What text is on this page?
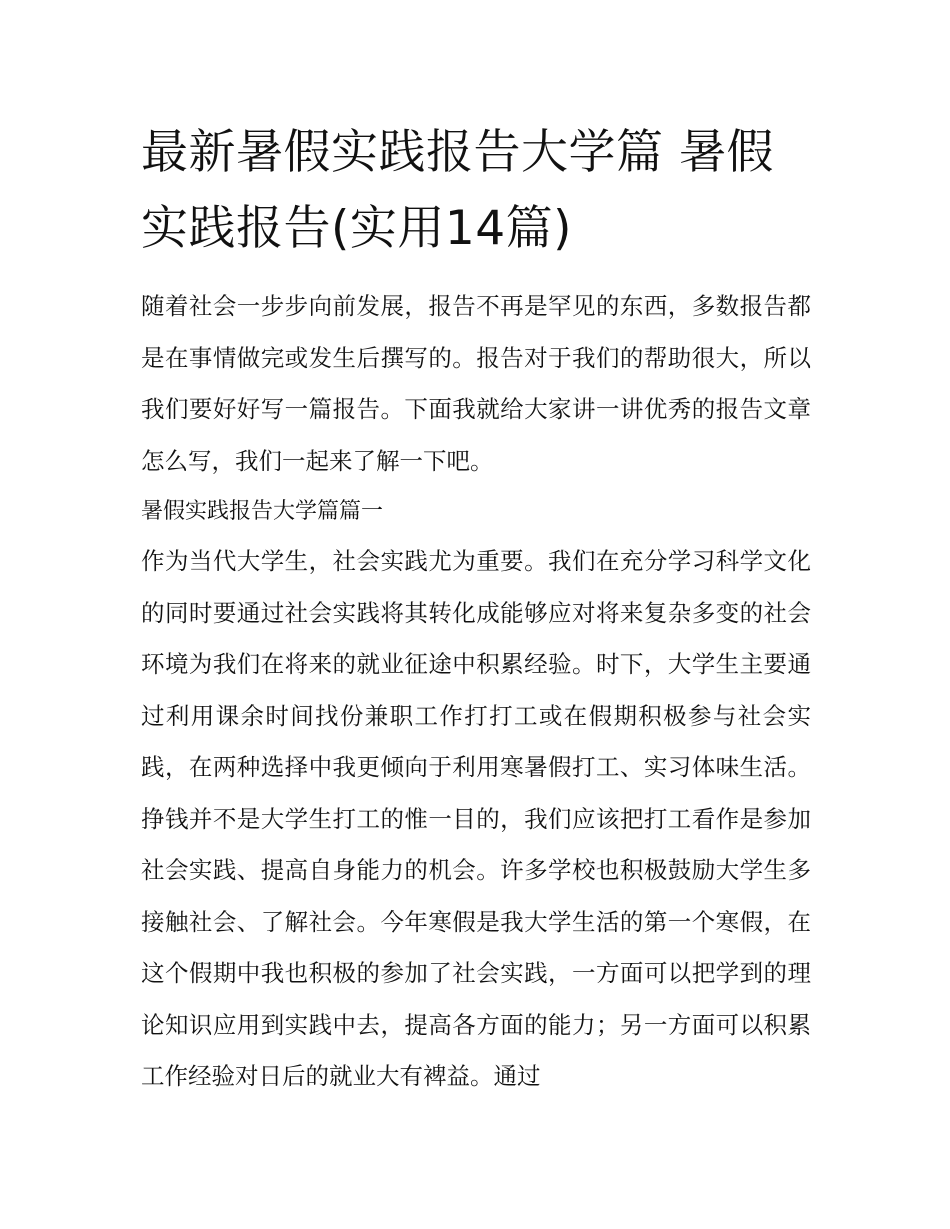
最新暑假实践报告大学篇 暑假实践报告(实用14篇)

随着社会一步步向前发展，报告不再是罕见的东西，多数报告都是在事情做完或发生后撰写的。报告对于我们的帮助很大，所以我们要好好写一篇报告。下面我就给大家讲一讲优秀的报告文章怎么写，我们一起来了解一下吧。

暑假实践报告大学篇篇一

作为当代大学生，社会实践尤为重要。我们在充分学习科学文化的同时要通过社会实践将其转化成能够应对将来复杂多变的社会环境为我们在将来的就业征途中积累经验。时下，大学生主要通过利用课余时间找份兼职工作打打工或在假期积极参与社会实践，在两种选择中我更倾向于利用寒暑假打工、实习体味生活。挣钱并不是大学生打工的惟一目的，我们应该把打工看作是参加社会实践、提高自身能力的机会。许多学校也积极鼓励大学生多接触社会、了解社会。今年寒假是我大学生活的第一个寒假，在这个假期中我也积极的参加了社会实践，一方面可以把学到的理论知识应用到实践中去，提高各方面的能力；另一方面可以积累工作经验对日后的就业大有裨益。通过
